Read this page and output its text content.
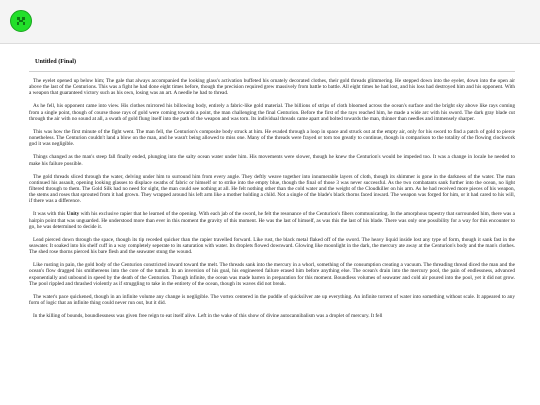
Untitled (Final)

The eyelet opened up below him; The gale that always accompanied the looking glass's activation buffeted his ornately decorated clothes, their gold threads glimmering. He stepped down into the eyelet, down into the open air above the last of the Centurions. This was a fight he had done eight times before, though the precision required grew massively from battle to battle. All eight times he had lost, and his loss had destroyed him and his opponent. With a weapon that guaranteed victory such as his own, losing was an art. A needle he had to thread.

As he fell, his opponent came into view. His clothes mirrored his billowing body, entirely a fabric-like gold material. The billions of strips of cloth bloomed across the ocean's surface and the bright sky above like rays coming from a single point, though of course those rays of gold were coming towards a point, the man challenging the final Centurion. Before the first of the rays reached him, he made a wide arc with his sword. The dark gray blade cut through the air with no sound at all, a swath of gold flung itself into the path of the weapon and was torn. Its individual threads came apart and bolted towards the man, thinner than needles and immensely sharper.

This was how the first minute of the fight went. The man fell, the Centurion's composite body struck at him. He evaded through a loop in space and struck out at the empty air, only for his sword to find a patch of gold to pierce nonetheless. The Centurion couldn't land a blow on the man, and he wasn't being allowed to miss one. Many of the threads were frayed or torn too greatly to continue, though in comparison to the totality of the flowing clockwork god it was negligible.

Things changed as the man's steep fall finally ended, plunging into the salty ocean water under him. His movements were slower, though he knew the Centurion's would be impeded too. It was a change in locale he needed to make his failure possible.

The gold threads sliced through the water, delving under him to surround him from every angle. They deftly weave together into innumerable layers of cloth, though its shimmer is gone in the darkness of the water. The man continued his assault, opening looking glasses to displace swaths of fabric or himself or to strike into the empty blue, though the final of those 3 was never successful. As the two combatants sank further into the ocean, no light filtered through to them. The Gold Silk had no need for sight, the man could see nothing at all. He felt nothing other than the cold water and the weight of the Cloudkiller on his arm. As he had received more pieces of his weapon, the stems and roses that sprouted from it had grown. They wrapped around his left arm like a mother holding a child. Not a single of the blade's black thorns faced inward. The weapon was forged for him, or it had cared to his will, if there was a difference.

It was with this Unity with his exclusive rapier that he learned of the opening. With each jab of the sword, he felt the resonance of the Centurion's fibers communicating. In the amorphous tapestry that surrounded him, there was a hairpin point that was unguarded. He understood more than ever in this moment the gravity of this moment. He was the last of himself, as was this the last of his blade. There was only one possibility for a way for this encounter to go, he was determined to decide it.

Lead pierced down through the space, though its tip receded quicker than the rapier travelled forward. Like rust, the black metal flaked off of the sword. The heavy liquid inside lost any type of form, though it sank fast in the seawater. It soaked into his shelf cuff in a way completely seperate to its saturation with water. Its droplets flowed downward. Glowing like moonlight in the dark, the mercury ate away at the Centurion's body and the man's clothes. The shed rose thorns pierced his bare flesh and the seawater stung the wound.

Like rusting in pain, the gold body of the Centurion constricted inward toward the melt. The threads sank into the mercury in a whorl, something of the consumption creating a vacuum. The threading thread diced the man and the ocean's flow dragged his smithereens into the core of the tumult. In an inversion of his goal, his engineered failure erased him before anything else. The ocean's drain into the mercury pool, the pain of endlessness, advanced exponentially and unbound in speed by the death of the Centurion. Though infinite, the ocean was made barren in preparation for this moment. Boundless volumes of seawater and cold air poured into the pool, yet it did not grow. The pool rippled and thrashed violently as if struggling to take in the entirety of the ocean, though its waves did not break.

The water's pace quickened, though in an infinite volume any change is negligible. The vortex centered in the puddle of quicksilver ate up everything. An infinite torrent of water into something without scale. It appeared to any form of logic that an infinite thing could never run out, but it did.

In the killing of bounds, boundlessness was given free reign to eat itself alive. Left in the wake of this show of divine autocannibalism was a droplet of mercury. It fell
